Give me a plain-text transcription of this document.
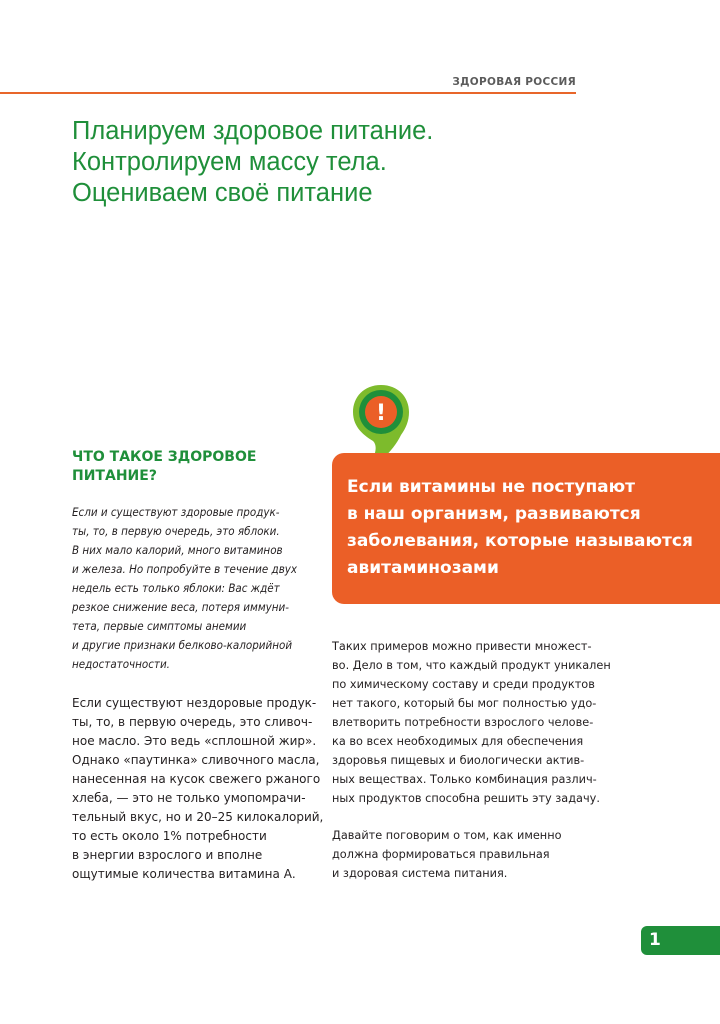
ЗДОРОВАЯ РОССИЯ
Планируем здоровое питание.
Контролируем массу тела.
Оцениваем своё питание
ЧТО ТАКОЕ ЗДОРОВОЕ
ПИТАНИЕ?
Если и существуют здоровые продук-
ты, то, в первую очередь, это яблоки.
В них мало калорий, много витаминов
и железа. Но попробуйте в течение двух
недель есть только яблоки: Вас ждёт
резкое снижение веса, потеря иммуни-
тета, первые симптомы анемии
и другие признаки белково-калорийной
недостаточности.
Если существуют нездоровые продук-
ты, то, в первую очередь, это сливоч-
ное масло. Это ведь «сплошной жир».
Однако «паутинка» сливочного масла,
нанесенная на кусок свежего ржаного
хлеба, — это не только умопомрачи-
тельный вкус, но и 20–25 килокалорий,
то есть около 1% потребности
в энергии взрослого и вполне
ощутимые количества витамина А.
!
Если витамины не поступают
в наш организм, развиваются
заболевания, которые называются
авитаминозами
Таких примеров можно привести множест-
во. Дело в том, что каждый продукт уникален
по химическому составу и среди продуктов
нет такого, который бы мог полностью удо-
влетворить потребности взрослого челове-
ка во всех необходимых для обеспечения
здоровья пищевых и биологически актив-
ных веществах. Только комбинация различ-
ных продуктов способна решить эту задачу.
Давайте поговорим о том, как именно
должна формироваться правильная
и здоровая система питания.
1
